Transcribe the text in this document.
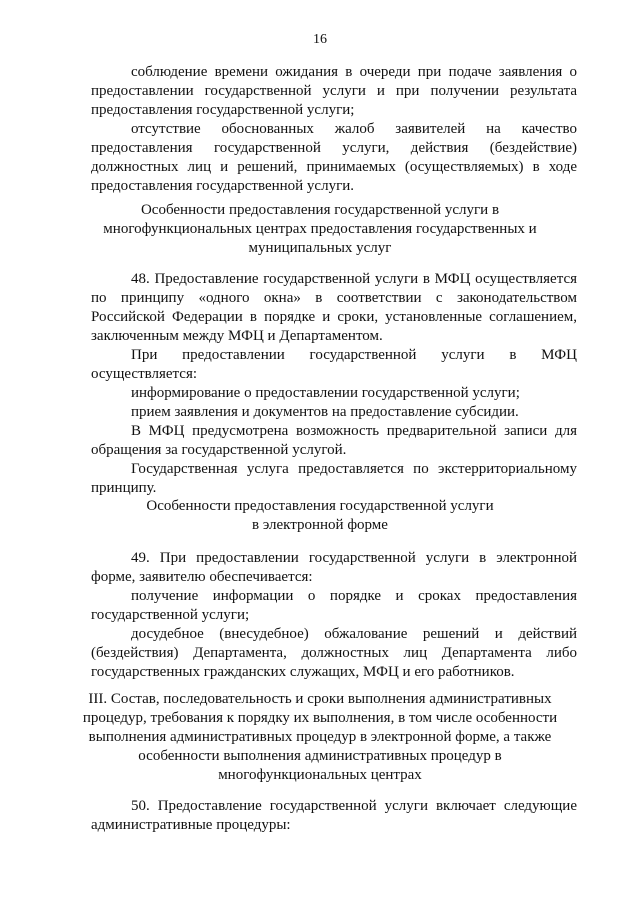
16

соблюдение времени ожидания в очереди при подаче заявления о предоставлении государственной услуги и при получении результата предоставления государственной услуги;

отсутствие обоснованных жалоб заявителей на качество предоставления государственной услуги, действия (бездействие) должностных лиц и решений, принимаемых (осуществляемых) в ходе предоставления государственной услуги.

Особенности предоставления государственной услуги в
многофункциональных центрах предоставления государственных и
муниципальных услуг

48. Предоставление государственной услуги в МФЦ осуществляется по принципу «одного окна» в соответствии с законодательством Российской Федерации в порядке и сроки, установленные соглашением, заключенным между МФЦ и Департаментом.

При предоставлении государственной услуги в МФЦ осуществляется:

информирование о предоставлении государственной услуги;

прием заявления и документов на предоставление субсидии.

В МФЦ предусмотрена возможность предварительной записи для обращения за государственной услугой.

Государственная услуга предоставляется по экстерриториальному принципу.

Особенности предоставления государственной услуги
в электронной форме

49. При предоставлении государственной услуги в электронной форме, заявителю обеспечивается:

получение информации о порядке и сроках предоставления государственной услуги;

досудебное (внесудебное) обжалование решений и действий (бездействия) Департамента, должностных лиц Департамента либо государственных гражданских служащих, МФЦ и его работников.

III. Состав, последовательность и сроки выполнения административных
процедур, требования к порядку их выполнения, в том числе особенности
выполнения административных процедур в электронной форме, а также
особенности выполнения административных процедур в
многофункциональных центрах

50. Предоставление государственной услуги включает следующие административные процедуры:
